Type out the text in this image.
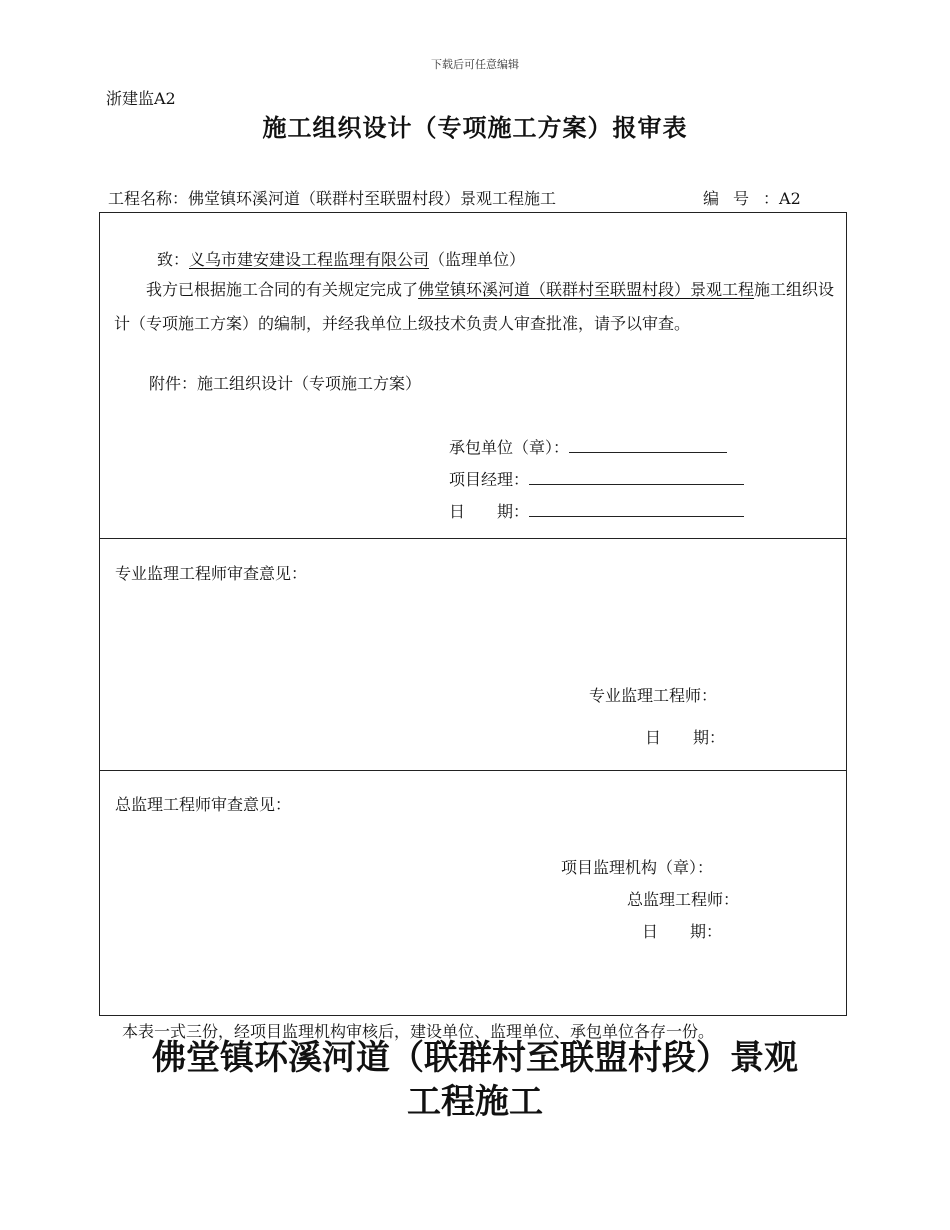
下载后可任意编辑
浙建监A2
施工组织设计（专项施工方案）报审表
工程名称：佛堂镇环溪河道（联群村至联盟村段）景观工程施工	编号：A2
致：义乌市建安建设工程监理有限公司（监理单位）
我方已根据施工合同的有关规定完成了佛堂镇环溪河道（联群村至联盟村段）景观工程施工组织设计（专项施工方案）的编制，并经我单位上级技术负责人审查批准，请予以审查。
附件：施工组织设计（专项施工方案）
承包单位（章）：
项目经理：
日　　期：
专业监理工程师审查意见：
专业监理工程师：
日　　期：
总监理工程师审查意见：
项目监理机构（章）：
总监理工程师：
日　　期：
本表一式三份，经项目监理机构审核后，建设单位、监理单位、承包单位各存一份。
佛堂镇环溪河道（联群村至联盟村段）景观
工程施工
